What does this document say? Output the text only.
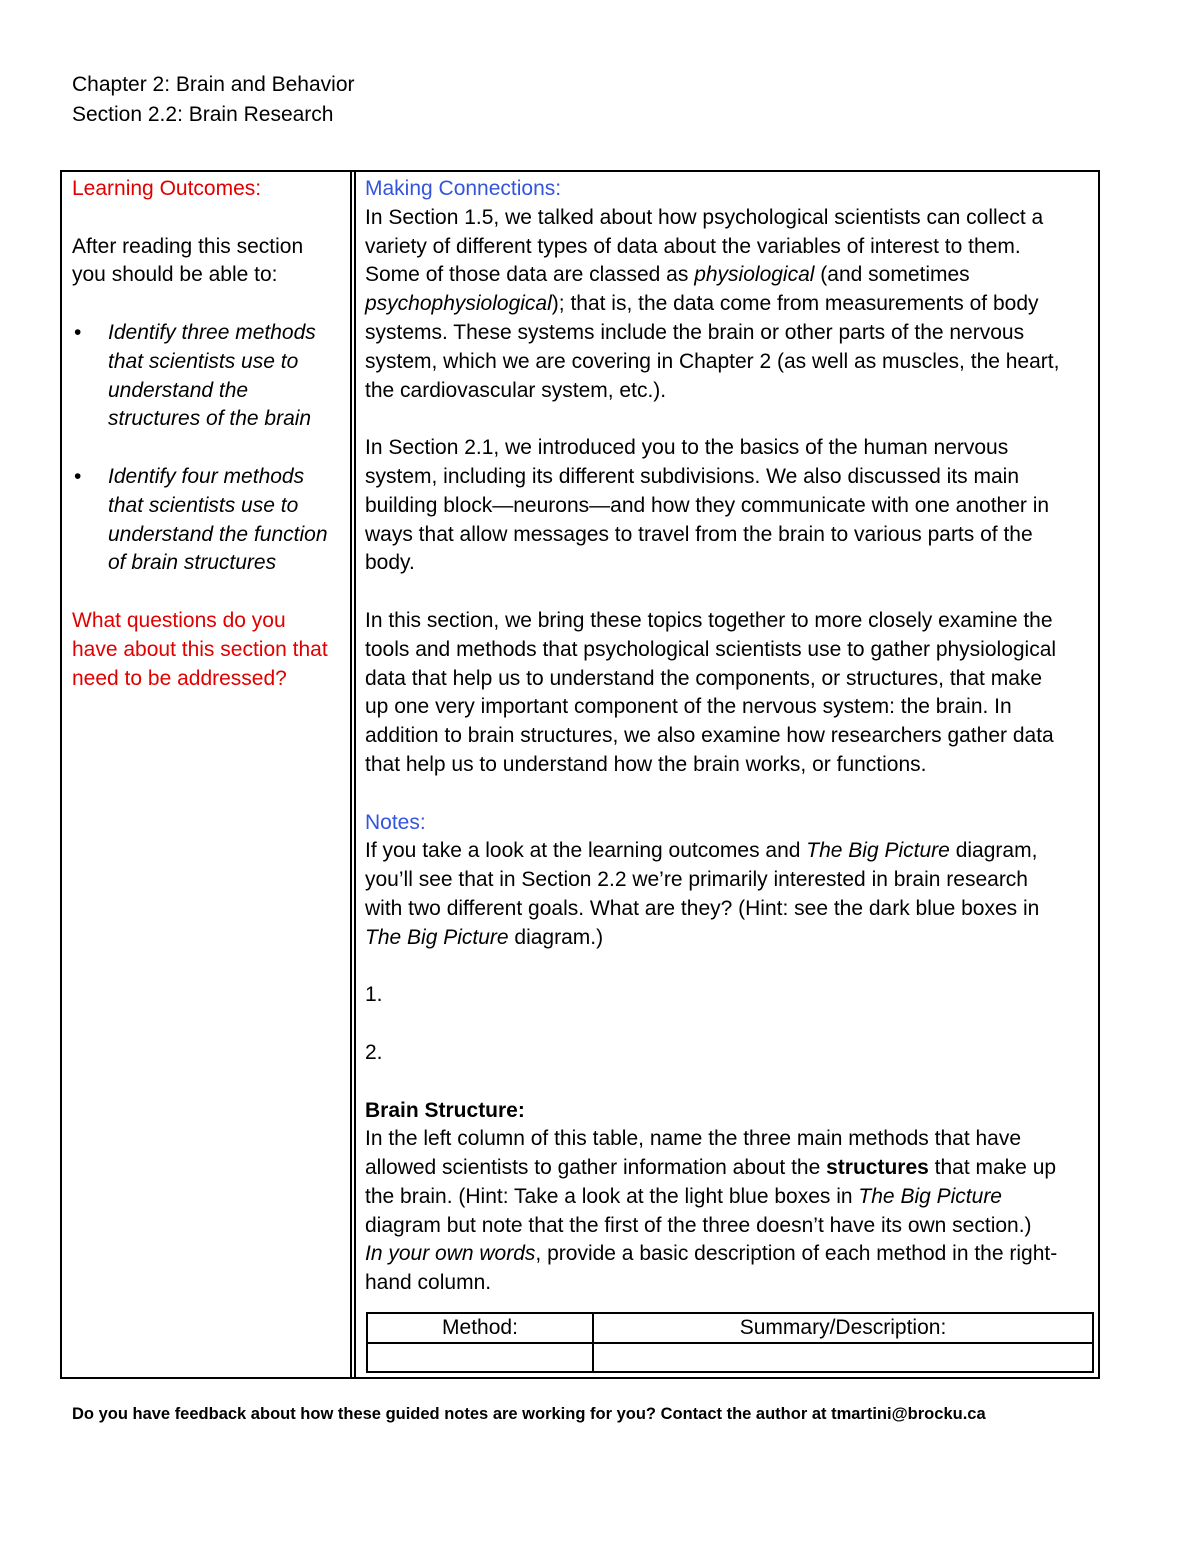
Chapter 2: Brain and Behavior
Section 2.2: Brain Research

Learning Outcomes:

After reading this section

you should be able to:

• Identify three methods
that scientists use to
understand the
structures of the brain
• Identify four methods
that scientists use to
understand the function
of brain structures

What questions do you

have about this section that

need to be addressed?

Making Connections:

In Section 1.5, we talked about how psychological scientists can collect a

variety of different types of data about the variables of interest to them.

Some of those data are classed as physiological (and sometimes

psychophysiological); that is, the data come from measurements of body

systems. These systems include the brain or other parts of the nervous

system, which we are covering in Chapter 2 (as well as muscles, the heart,

the cardiovascular system, etc.).

In Section 2.1, we introduced you to the basics of the human nervous

system, including its different subdivisions. We also discussed its main

building block—neurons—and how they communicate with one another in

ways that allow messages to travel from the brain to various parts of the

body.

In this section, we bring these topics together to more closely examine the

tools and methods that psychological scientists use to gather physiological

data that help us to understand the components, or structures, that make

up one very important component of the nervous system: the brain. In

addition to brain structures, we also examine how researchers gather data

that help us to understand how the brain works, or functions.

Notes:

If you take a look at the learning outcomes and The Big Picture diagram,

you’ll see that in Section 2.2 we’re primarily interested in brain research

with two different goals. What are they? (Hint: see the dark blue boxes in

The Big Picture diagram.)

1.

2.

Brain Structure:

In the left column of this table, name the three main methods that have

allowed scientists to gather information about the structures that make up

the brain. (Hint: Take a look at the light blue boxes in The Big Picture

diagram but note that the first of the three doesn’t have its own section.)

In your own words, provide a basic description of each method in the right-

hand column.

Method:	Summary/Description:

Do you have feedback about how these guided notes are working for you? Contact the author at tmartini@brocku.ca
